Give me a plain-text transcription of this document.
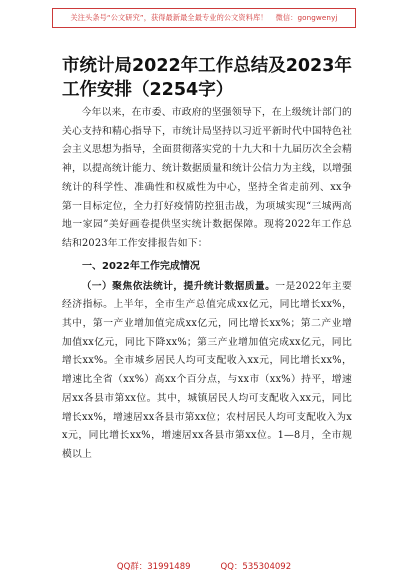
关注头条号“公文研究”，获得最新最全最专业的公文资料库！ 微信：gongwenyj
市统计局2022年工作总结及2023年工作安排（2254字）

今年以来，在市委、市政府的坚强领导下，在上级统计部门的关心支持和精心指导下，市统计局坚持以习近平新时代中国特色社会主义思想为指导，全面贯彻落实党的十九大和十九届历次全会精神，以提高统计能力、统计数据质量和统计公信力为主线，以增强统计的科学性、准确性和权威性为中心，坚持全省走前列、xx争第一目标定位，全力打好疫情防控狙击战，为项城实现“三城两高地一家园”美好画卷提供坚实统计数据保障。现将2022年工作总结和2023年工作安排报告如下：

一、2022年工作完成情况

（一）聚焦依法统计，提升统计数据质量。一是2022年主要经济指标。上半年，全市生产总值完成xx亿元，同比增长xx%，其中，第一产业增加值完成xx亿元，同比增长xx%；第二产业增加值xx亿元，同比下降xx%；第三产业增加值完成xx亿元，同比增长xx%。全市城乡居民人均可支配收入xx元，同比增长xx%，增速比全省（xx%）高xx个百分点，与xx市（xx%）持平，增速居xx各县市第xx位。其中，城镇居民人均可支配收入xx元，同比增长xx%，增速居xx各县市第xx位；农村居民人均可支配收入为xx元，同比增长xx%，增速居xx各县市第xx位。1—8月，全市规模以上

QQ群：31991489	QQ：535304092
